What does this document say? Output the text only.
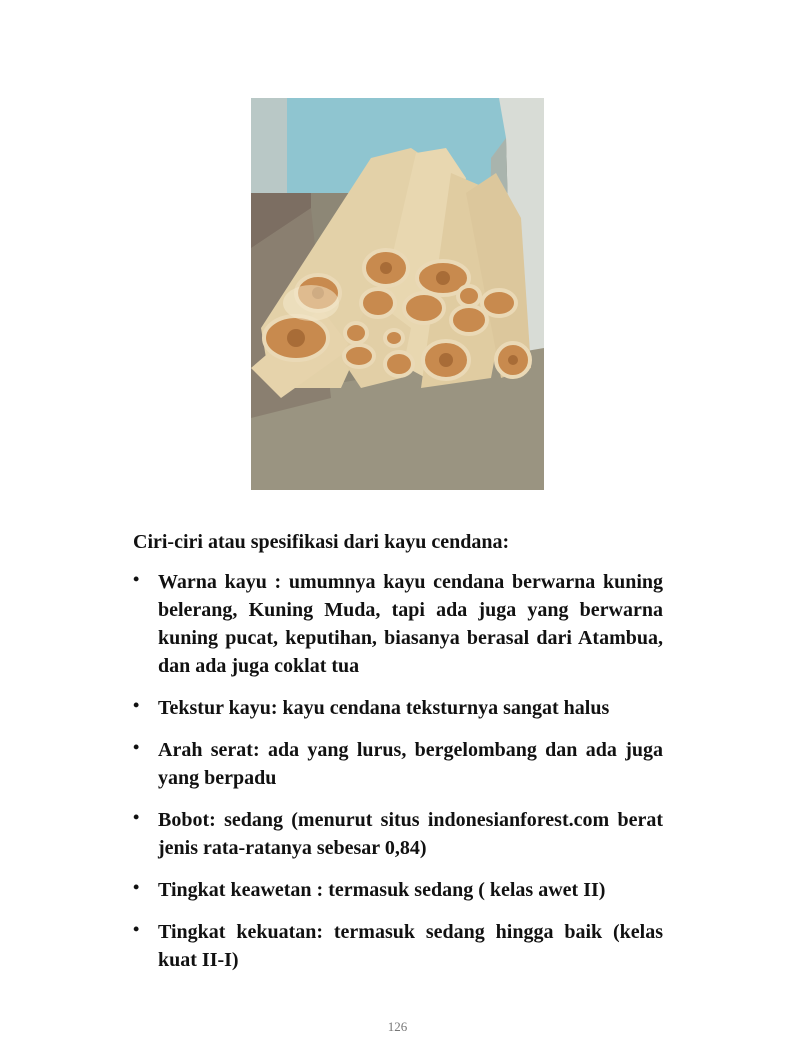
Ciri-ciri atau spesifikasi dari kayu cendana:
• Warna kayu : umumnya kayu cendana berwarna kuning belerang, Kuning Muda, tapi ada juga yang berwarna kuning pucat, keputihan, biasanya berasal dari Atambua, dan ada juga coklat tua
• Tekstur kayu: kayu cendana teksturnya sangat halus
• Arah serat: ada yang lurus, bergelombang dan ada juga yang berpadu
• Bobot: sedang (menurut situs indonesianforest.com berat jenis rata-ratanya sebesar 0,84)
• Tingkat keawetan : termasuk sedang ( kelas awet II)
• Tingkat kekuatan: termasuk sedang hingga baik (kelas kuat II-I)
126
